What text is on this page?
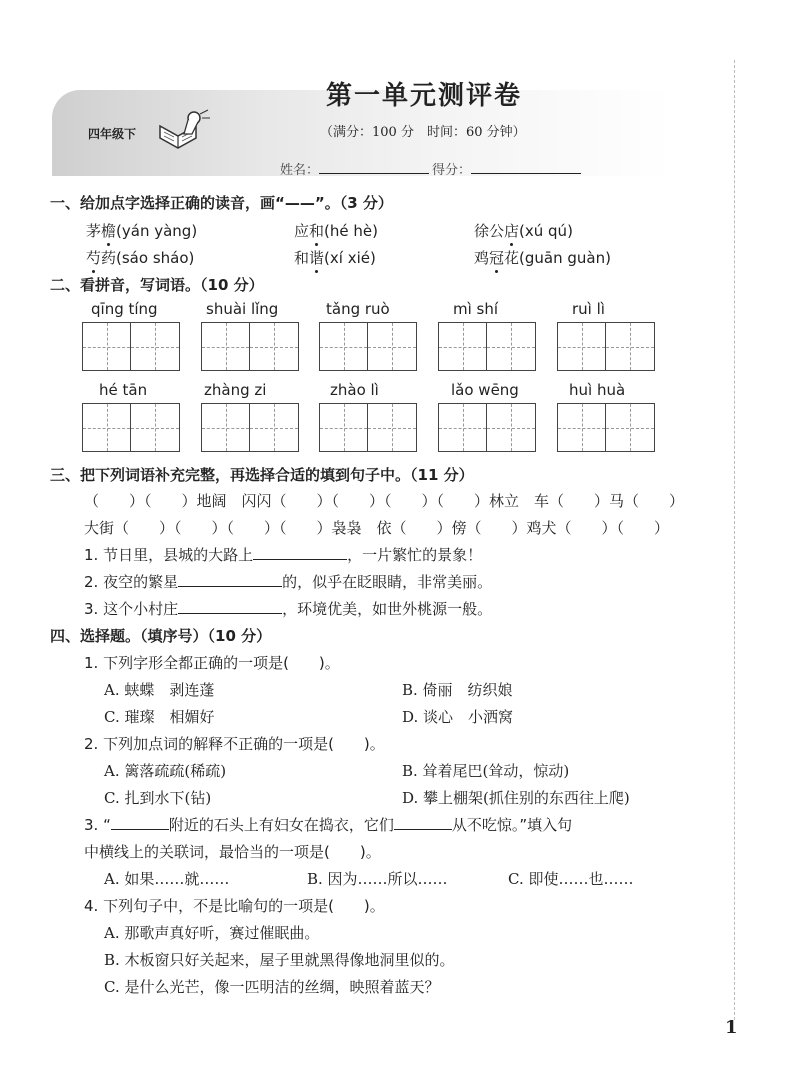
四年级下
第一单元测评卷
（满分：100 分　时间：60 分钟）
姓名：	得分：
一、给加点字选择正确的读音，画“——”。（3 分）
茅檐(yán yàng)	应和(hé hè)	徐公店(xú qú)
芍药(sáo sháo)	和谐(xí xié)	鸡冠花(guān guàn)
二、看拼音，写词语。（10 分）
qīng tíng	shuài lǐng	tǎng ruò	mì shí	ruì lì
hé tān	zhàng zi	zhào lì	lǎo wēng	huì huà
三、把下列词语补充完整，再选择合适的填到句子中。（11 分）
（　　）（　　）地阔　闪闪（　　）（　　）（　　）（　　）林立　车（　　）马（　　）
大街（　　）（　　）（　　）（　　）袅袅　依（　　）傍（　　）鸡犬（　　）（　　）
1. 节日里，县城的大路上	，一片繁忙的景象！
2. 夜空的繁星	的，似乎在眨眼睛，非常美丽。
3. 这个小村庄	，环境优美，如世外桃源一般。
四、选择题。（填序号）（10 分）
1. 下列字形全都正确的一项是(　　)。
A. 蛱蝶　剥连蓬	B. 倚丽　纺织娘
C. 璀璨　相媚好	D. 谈心　小洒窝
2. 下列加点词的解释不正确的一项是(　　)。
A. 篱落疏疏(稀疏)	B. 耸着尾巴(耸动，惊动)
C. 扎到水下(钻)	D. 攀上棚架(抓住别的东西往上爬)
3. “	附近的石头上有妇女在捣衣，它们	从不吃惊。”填入句
中横线上的关联词，最恰当的一项是(　　)。
A. 如果……就……	B. 因为……所以……	C. 即使……也……
4. 下列句子中，不是比喻句的一项是(　　)。
A. 那歌声真好听，赛过催眠曲。
B. 木板窗只好关起来，屋子里就黑得像地洞里似的。
C. 是什么光芒，像一匹明洁的丝绸，映照着蓝天？
1
